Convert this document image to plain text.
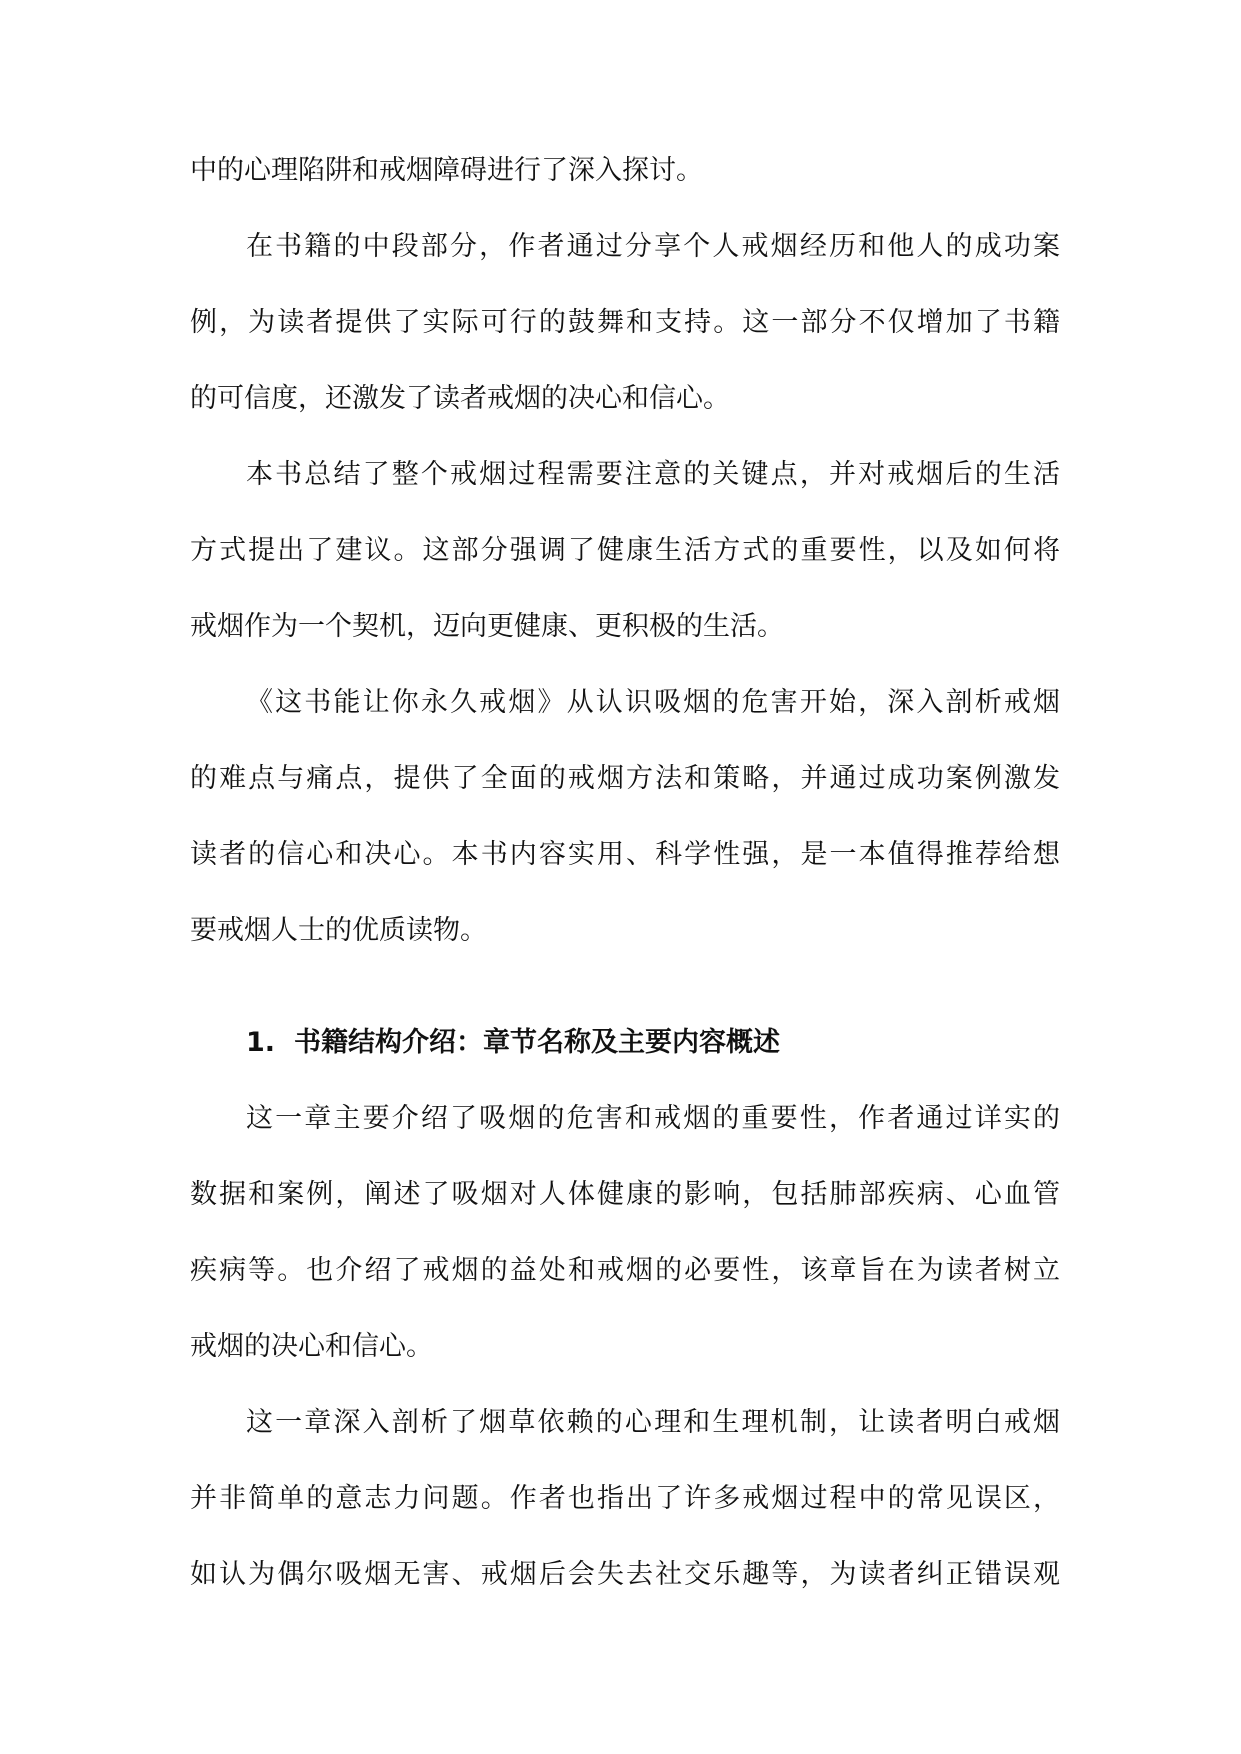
中的心理陷阱和戒烟障碍进行了深入探讨。
在书籍的中段部分，作者通过分享个人戒烟经历和他人的成功案
例，为读者提供了实际可行的鼓舞和支持。这一部分不仅增加了书籍
的可信度，还激发了读者戒烟的决心和信心。
本书总结了整个戒烟过程需要注意的关键点，并对戒烟后的生活
方式提出了建议。这部分强调了健康生活方式的重要性，以及如何将
戒烟作为一个契机，迈向更健康、更积极的生活。
《这书能让你永久戒烟》从认识吸烟的危害开始，深入剖析戒烟
的难点与痛点，提供了全面的戒烟方法和策略，并通过成功案例激发
读者的信心和决心。本书内容实用、科学性强，是一本值得推荐给想
要戒烟人士的优质读物。
1. 书籍结构介绍：章节名称及主要内容概述
这一章主要介绍了吸烟的危害和戒烟的重要性，作者通过详实的
数据和案例，阐述了吸烟对人体健康的影响，包括肺部疾病、心血管
疾病等。也介绍了戒烟的益处和戒烟的必要性，该章旨在为读者树立
戒烟的决心和信心。
这一章深入剖析了烟草依赖的心理和生理机制，让读者明白戒烟
并非简单的意志力问题。作者也指出了许多戒烟过程中的常见误区，
如认为偶尔吸烟无害、戒烟后会失去社交乐趣等，为读者纠正错误观
